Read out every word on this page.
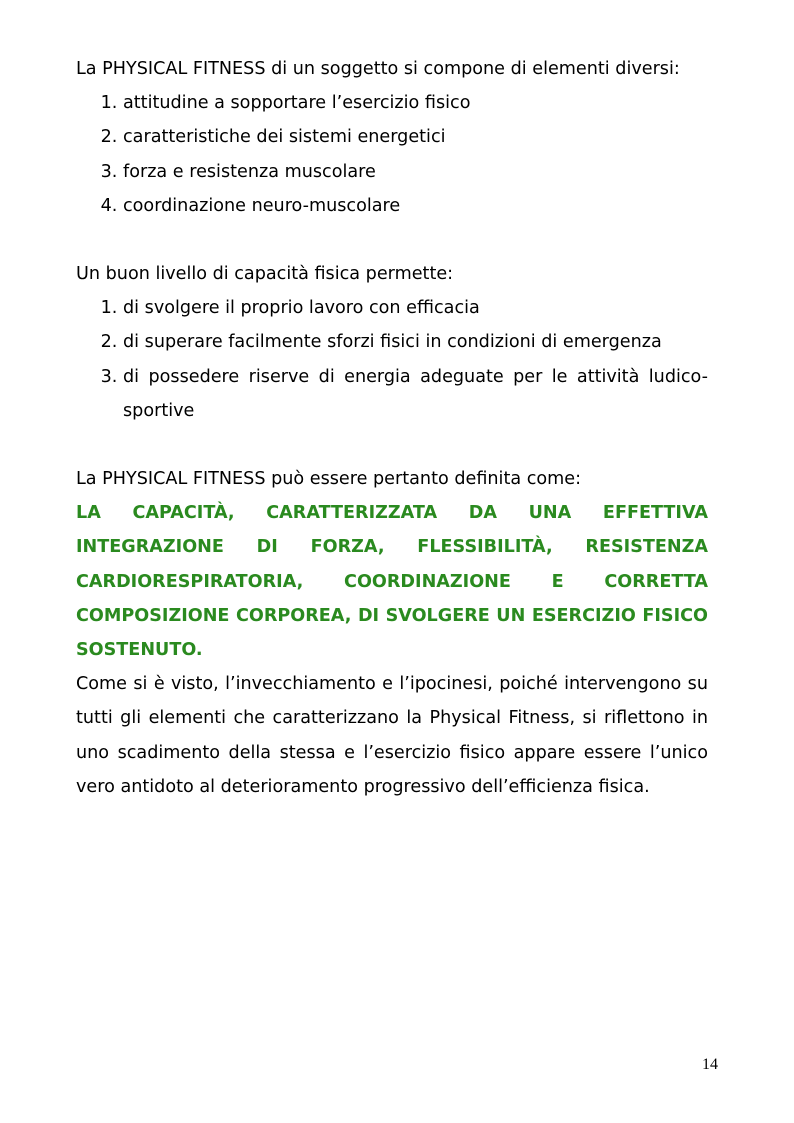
La PHYSICAL FITNESS di un soggetto si compone di elementi diversi:

1. attitudine a sopportare l’esercizio fisico
2. caratteristiche dei sistemi energetici
3. forza e resistenza muscolare
4. coordinazione neuro-muscolare

Un buon livello di capacità fisica permette:

1. di svolgere il proprio lavoro con efficacia
2. di superare facilmente sforzi fisici in condizioni di emergenza
3. di possedere riserve di energia adeguate per le attività ludico-sportive

La PHYSICAL FITNESS può essere pertanto definita come:

LA CAPACITÀ, CARATTERIZZATA DA UNA EFFETTIVA INTEGRAZIONE DI FORZA, FLESSIBILITÀ, RESISTENZA CARDIORESPIRATORIA, COORDINAZIONE E CORRETTA COMPOSIZIONE CORPOREA, DI SVOLGERE UN ESERCIZIO FISICO SOSTENUTO.

Come si è visto, l’invecchiamento e l’ipocinesi, poiché intervengono su tutti gli elementi che caratterizzano la Physical Fitness, si riflettono in uno scadimento della stessa e l’esercizio fisico appare essere l’unico vero antidoto al deterioramento progressivo dell’efficienza fisica.

14
